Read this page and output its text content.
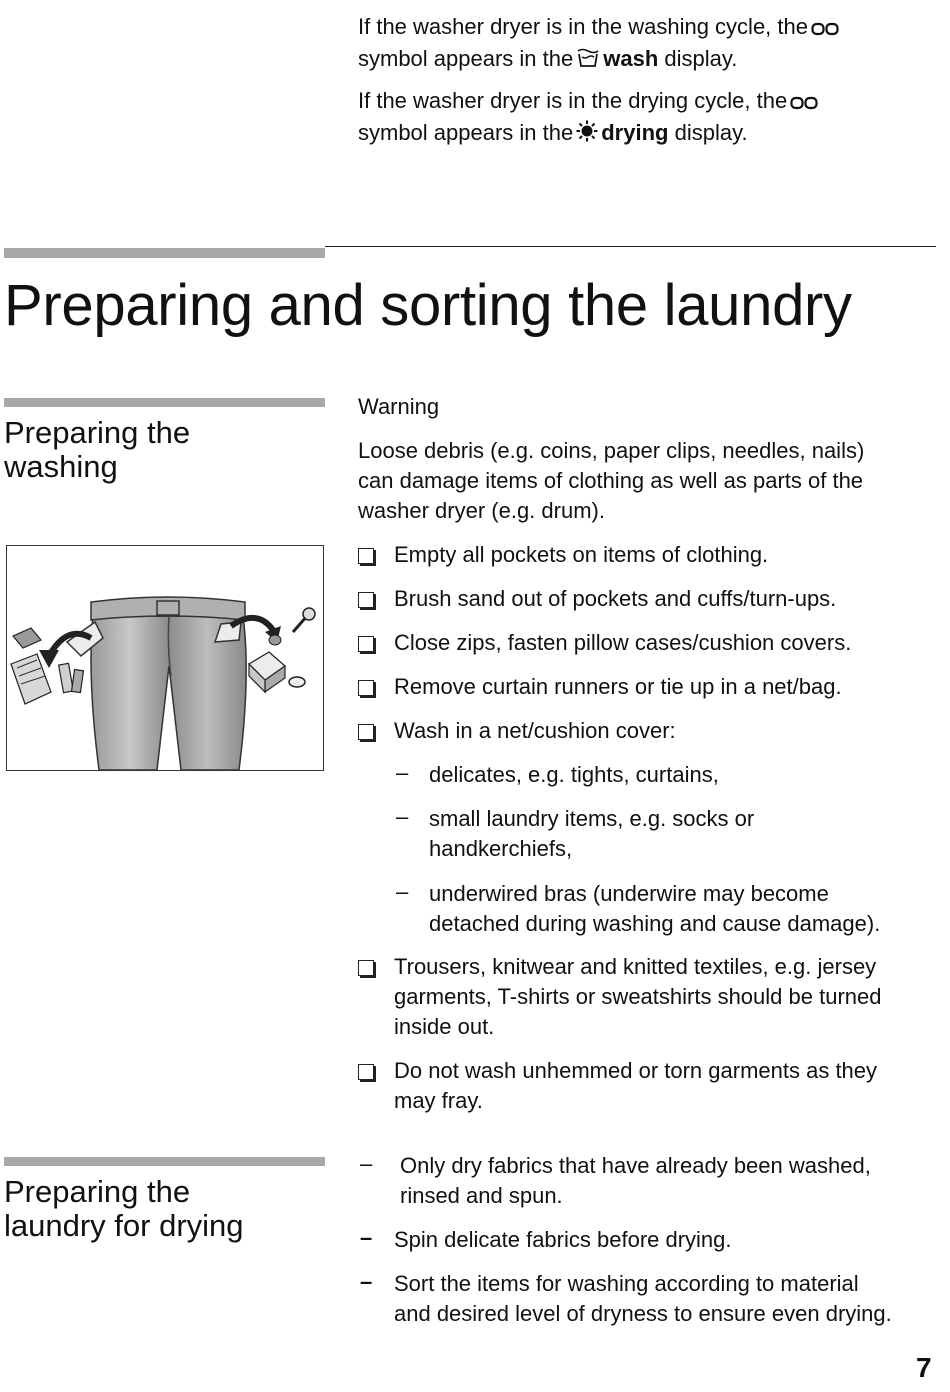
If the washer dryer is in the washing cycle, the

symbol appears in the wash display.

If the washer dryer is in the drying cycle, the

symbol appears in the drying display.

Preparing and sorting the laundry
Preparing the
washing
Warning

Loose debris (e.g. coins, paper clips, needles, nails)

can damage items of clothing as well as parts of the

washer dryer (e.g. drum).

Empty all pockets on items of clothing.
Brush sand out of pockets and cuffs/turn-ups.
Close zips, fasten pillow cases/cushion covers.
Remove curtain runners or tie up in a net/bag.
Wash in a net/cushion cover:
– delicates, e.g. tights, curtains,
– small laundry items, e.g. socks or
handkerchiefs,
– underwired bras (underwire may become
detached during washing and cause damage).
Trousers, knitwear and knitted textiles, e.g. jersey
garments, T-shirts or sweatshirts should be turned
inside out.
Do not wash unhemmed or torn garments as they
may fray.
Preparing the
laundry for drying
– Only dry fabrics that have already been washed,
rinsed and spun.
– Spin delicate fabrics before drying.
– Sort the items for washing according to material
and desired level of dryness to ensure even drying.
7
